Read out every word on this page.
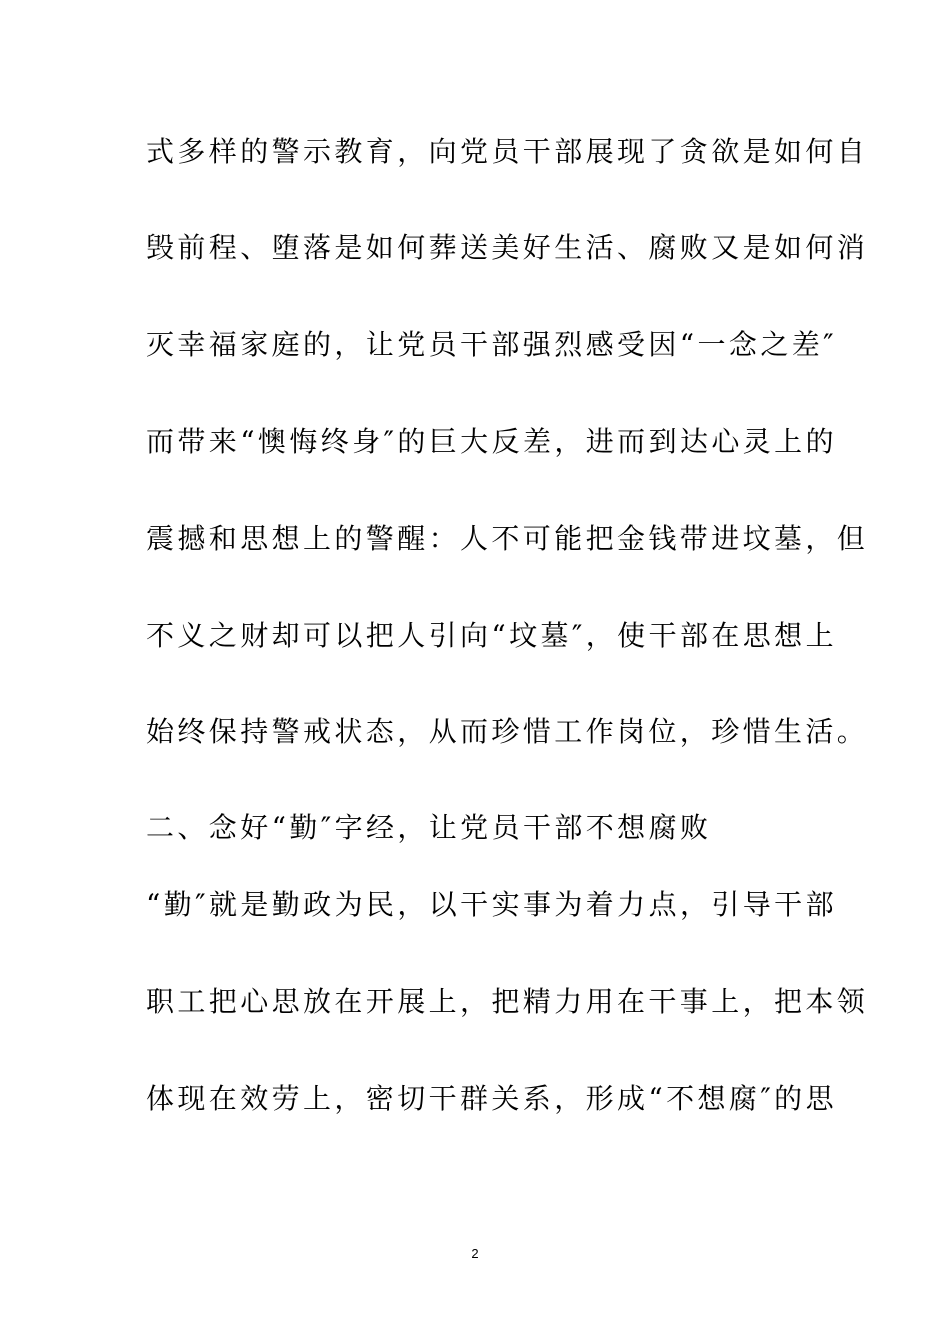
式多样的警示教育，向党员干部展现了贪欲是如何自
毁前程、堕落是如何葬送美好生活、腐败又是如何消
灭幸福家庭的，让党员干部强烈感受因“一念之差″
而带来“懊悔终身″的巨大反差，进而到达心灵上的
震撼和思想上的警醒：人不可能把金钱带进坟墓，但
不义之财却可以把人引向“坟墓″，使干部在思想上
始终保持警戒状态，从而珍惜工作岗位，珍惜生活。
二、念好“勤″字经，让党员干部不想腐败
“勤″就是勤政为民，以干实事为着力点，引导干部
职工把心思放在开展上，把精力用在干事上，把本领
体现在效劳上，密切干群关系，形成“不想腐″的思
2
